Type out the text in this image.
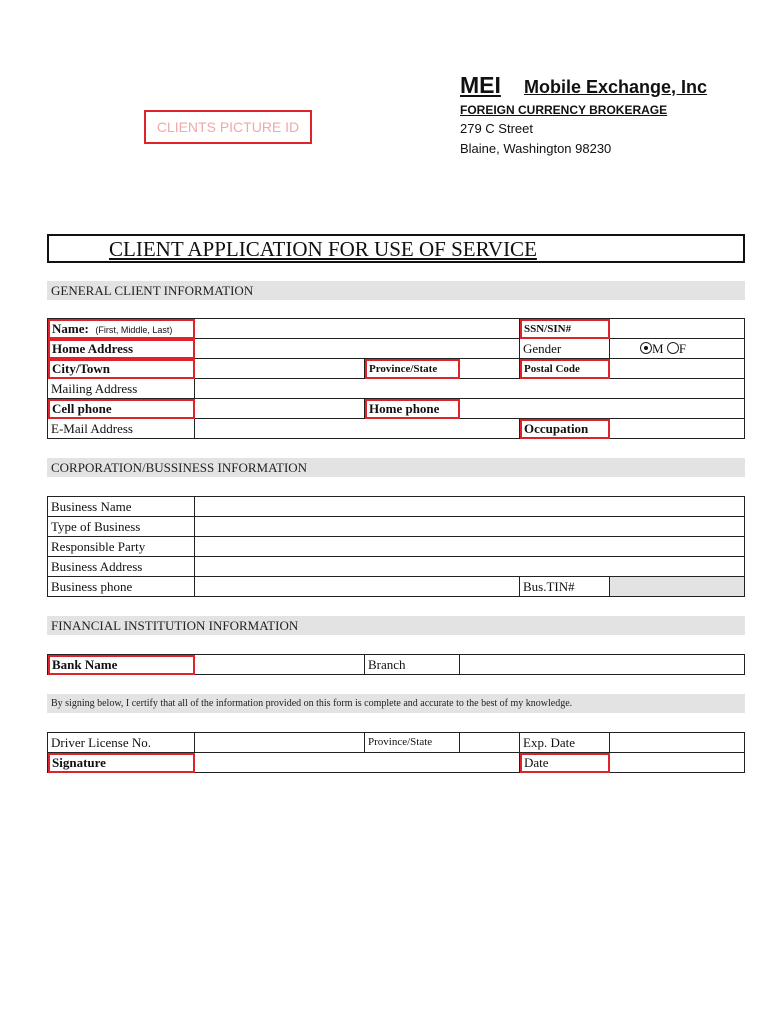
CLIENTS PICTURE ID
MEI Mobile Exchange, Inc
FOREIGN CURRENCY BROKERAGE
279 C Street
Blaine, Washington 98230
CLIENT APPLICATION FOR USE OF SERVICE
GENERAL CLIENT INFORMATION
Name: (First, Middle, Last)	SSN/SIN#
Home Address	Gender	M F
City/Town	Province/State	Postal Code
Mailing Address
Cell phone	Home phone
E-Mail Address	Occupation
CORPORATION/BUSSINESS INFORMATION
Business Name
Type of Business
Responsible Party
Business Address
Business phone	Bus.TIN#
FINANCIAL INSTITUTION INFORMATION
Bank Name	Branch
By signing below, I certify that all of the information provided on this form is complete and accurate to the best of my knowledge.
Driver License No.	Province/State	Exp. Date
Signature	Date
